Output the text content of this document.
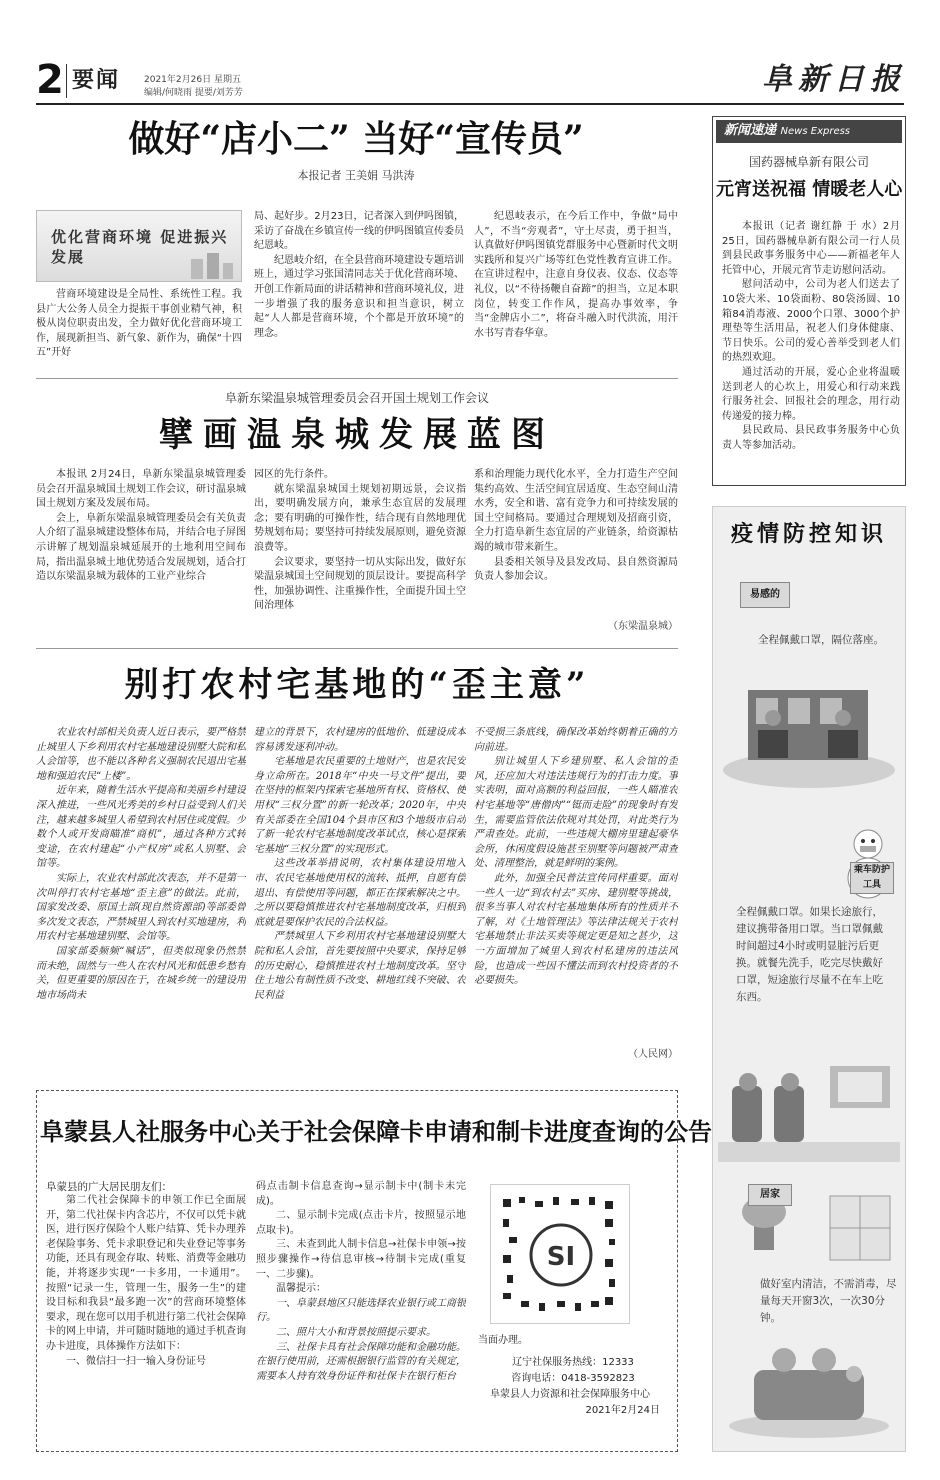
2 要闻	2021年2月26日 星期五
编辑/何晓雨 提要/刘芳芳	阜新日报
做好“店小二” 当好“宣传员”
本报记者 王美娟 马洪涛
优化营商环境 促进振兴发展

营商环境建设是全局性、系统性工程。我县广大公务人员全力提振干事创业精气神，积极从岗位职责出发，全力做好优化营商环境工作，展现新担当、新气象、新作为，确保“十四五”开好

局、起好步。2月23日，记者深入到伊吗图镇，采访了奋战在乡镇宣传一线的伊吗图镇宣传委员纪恩岐。

纪恩岐介绍，在全县营商环境建设专题培训班上，通过学习张国清同志关于优化营商环境、开创工作新局面的讲话精神和营商环境礼仪，进一步增强了我的服务意识和担当意识，树立起“人人都是营商环境，个个都是开放环境”的理念。

纪恩岐表示，在今后工作中，争做“局中人”，不当“旁观者”，守土尽责，勇于担当，认真做好伊吗图镇党群服务中心暨新时代文明实践所和复兴广场等红色党性教育宣讲工作。在宣讲过程中，注意自身仪表、仪态、仪态等礼仪，以“不待扬鞭自奋蹄”的担当，立足本职岗位，转变工作作风，提高办事效率，争当“金牌店小二”，将奋斗融入时代洪流，用汗水书写青春华章。

阜新东梁温泉城管理委员会召开国土规划工作会议
擘画温泉城发展蓝图

本报讯 2月24日，阜新东梁温泉城管理委员会召开温泉城国土规划工作会议，研讨温泉城国土规划方案及发展布局。

会上，阜新东梁温泉城管理委员会有关负责人介绍了温泉城建设整体布局，并结合电子屏图示讲解了规划温泉城延展开的土地利用空间布局，指出温泉城土地优势适合发展规划，适合打造以东梁温泉城为载体的工业产业综合

园区的先行条件。

就东梁温泉城国土规划初期远景，会议指出，要明确发展方向，兼承生态宜居的发展理念；要有明确的可操作性，结合现有自然地理优势规划布局；要坚持可持续发展原则，避免资源浪费等。

会议要求，要坚持一切从实际出发，做好东梁温泉城国土空间规划的顶层设计。要提高科学性，加强协调性、注重操作性，全面提升国土空间治理体

系和治理能力现代化水平，全力打造生产空间集约高效、生活空间宜居适度、生态空间山清水秀，安全和谐、富有竞争力和可持续发展的国土空间格局。要通过合理规划及招商引资，全力打造阜新生态宜居的产业链条，给资源枯竭的城市带来新生。

县委相关领导及县发改局、县自然资源局负责人参加会议。

（东梁温泉城）
别打农村宅基地的“歪主意”

农业农村部相关负责人近日表示，要严格禁止城里人下乡利用农村宅基地建设别墅大院和私人会馆等，也不能以各种名义强制农民退出宅基地和强迫农民“上楼”。

近年来，随着生活水平提高和美丽乡村建设深入推进，一些风光秀美的乡村日益受到人们关注，越来越多城里人希望到农村居住或度假。少数个人或开发商瞄准“商机”，通过各种方式转变途，在农村建起“小产权房”或私人别墅、会馆等。

实际上，农业农村部此次表态，并不是第一次叫停打农村宅基地“歪主意”的做法。此前，国家发改委、原国土部(现自然资源部)等部委曾多次发文表态，严禁城里人到农村买地建房，利用农村宅基地建别墅、会馆等。

国家部委频频“喊话”，但类似现象仍然禁而未绝，固然与一些人在农村风光和低患乡愁有关，但更重要的原因在于，在城乡统一的建设用地市场尚未

建立的背景下，农村建房的低地价、低建设成本容易诱发逐利冲动。

宅基地是农民重要的土地财产，也是农民安身立命所在。2018年“中央一号文件”提出，要在坚持的框架内探索宅基地所有权、资格权、使用权“三权分置”的新一轮改革；2020年，中央有关部委在全国104个县市区和3个地级市启动了新一轮农村宅基地制度改革试点，核心是探索宅基地“三权分置”的实现形式。

这些改革举措说明，农村集体建设用地入市、农民宅基地使用权的流转、抵押，自愿有偿退出、有偿使用等问题，都正在探索解决之中。之所以要稳慎推进农村宅基地制度改革，归根到底就是要保护农民的合法权益。

严禁城里人下乡利用农村宅基地建设别墅大院和私人会馆，首先要按照中央要求，保持足够的历史耐心，稳慎推进农村土地制度改革。坚守住土地公有制性质不改变、耕地红线不突破、农民利益

不受损三条底线，确保改革始终朝着正确的方向前进。

别让城里人下乡建别墅、私人会馆的歪风，还应加大对违法违规行为的打击力度。事实表明，面对高额的利益回报，一些人瞄准农村宅基地等“唐僧肉”“铤而走险”的现象时有发生，需要监管依法依规对其处罚，对此类行为严肃查处。此前，一些违规大棚房里建起豪华会所，休闲度假设施甚至别墅等问题被严肃查处、清理整治，就是鲜明的案例。

此外，加强全民普法宣传同样重要。面对一些人一边“到农村去”买房、建别墅等挑战，很多当事人对农村宅基地集体所有的性质并不了解，对《土地管理法》等法律法规关于农村宅基地禁止非法买卖等规定更是知之甚少，这一方面增加了城里人到农村私建房的违法风险，也造成一些因不懂法而到农村投资者的不必要损失。

（人民网）
阜蒙县人社服务中心关于社会保障卡申请和制卡进度查询的公告
阜蒙县的广大居民朋友们：

第二代社会保障卡的申领工作已全面展开，第二代社保卡内含芯片，不仅可以凭卡就医，进行医疗保险个人账户结算、凭卡办理养老保险事务、凭卡求职登记和失业登记等事务功能，还具有现金存取、转账、消费等金融功能，并将逐步实现“一卡多用，一卡通用”。按照“记录一生，管理一生，服务一生”的建设目标和我县“最多跑一次”的营商环境整体要求，现在您可以用手机进行第二代社会保障卡的网上申请，并可随时随地的通过手机查询办卡进度，具体操作方法如下：

一、微信扫一扫一输入身份证号

码点击制卡信息查询→显示制卡中(制卡未完成)。

二、显示制卡完成(点击卡片，按照显示地点取卡)。

三、未查到此人制卡信息→社保卡申领→按照步骤操作→待信息审核→待制卡完成(重复一、二步骤)。

温馨提示：

一、阜蒙县地区只能选择农业银行或工商银行。

二、照片大小和背景按照提示要求。

三、社保卡具有社会保障功能和金融功能。在银行使用前，还需根据银行监管的有关规定，需要本人持有效身份证件和社保卡在银行柜台

SI
当面办理。
辽宁社保服务热线：12333
咨询电话：0418-3592823
阜蒙县人力资源和社会保障服务中心
2021年2月24日
新闻速递 News Express
国药器械阜新有限公司
元宵送祝福 情暖老人心

本报讯（记者 谢红静 于 水）2月25日，国药器械阜新有限公司一行人员到县民政事务服务中心——新福老年人托管中心，开展元宵节走访慰问活动。

慰问活动中，公司为老人们送去了10袋大米、10袋面粉、80袋汤圆、10箱84消毒液、2000个口罩、3000个护理垫等生活用品，祝老人们身体健康、节日快乐。公司的爱心善举受到老人们的热烈欢迎。

通过活动的开展，爱心企业将温暖送到老人的心坎上，用爱心和行动来践行服务社会、回报社会的理念，用行动传递爱的接力棒。

县民政局、县民政事务服务中心负责人等参加活动。

疫情防控知识
易感的
全程佩戴口罩，隔位落座。
乘车防护工具
全程佩戴口罩。如果长途旅行，建议携带备用口罩。当口罩佩戴时间超过4小时或明显脏污后更换。就餐先洗手，吃完尽快戴好口罩，短途旅行尽量不在车上吃东西。
居家
做好室内清洁，不需消毒，尽量每天开窗3次，一次30分钟。
